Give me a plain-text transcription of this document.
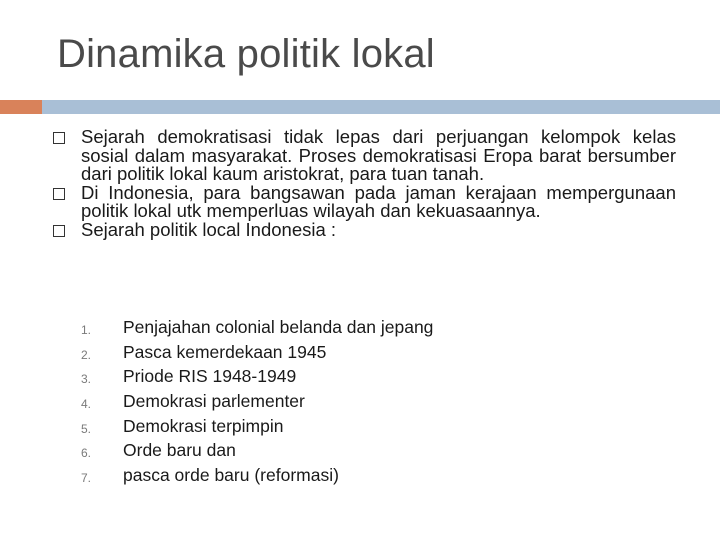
Dinamika politik lokal
Sejarah demokratisasi tidak lepas dari perjuangan kelompok kelas sosial dalam masyarakat. Proses demokratisasi Eropa barat bersumber dari politik lokal kaum aristokrat, para tuan tanah.
Di Indonesia, para bangsawan pada jaman kerajaan mempergunaan politik lokal utk memperluas wilayah dan kekuasaannya.
Sejarah politik local Indonesia :
1.	Penjajahan colonial belanda dan jepang
2.	Pasca kemerdekaan 1945
3.	Priode RIS 1948-1949
4.	Demokrasi parlementer
5.	Demokrasi terpimpin
6.	Orde baru dan
7.	pasca orde baru (reformasi)
